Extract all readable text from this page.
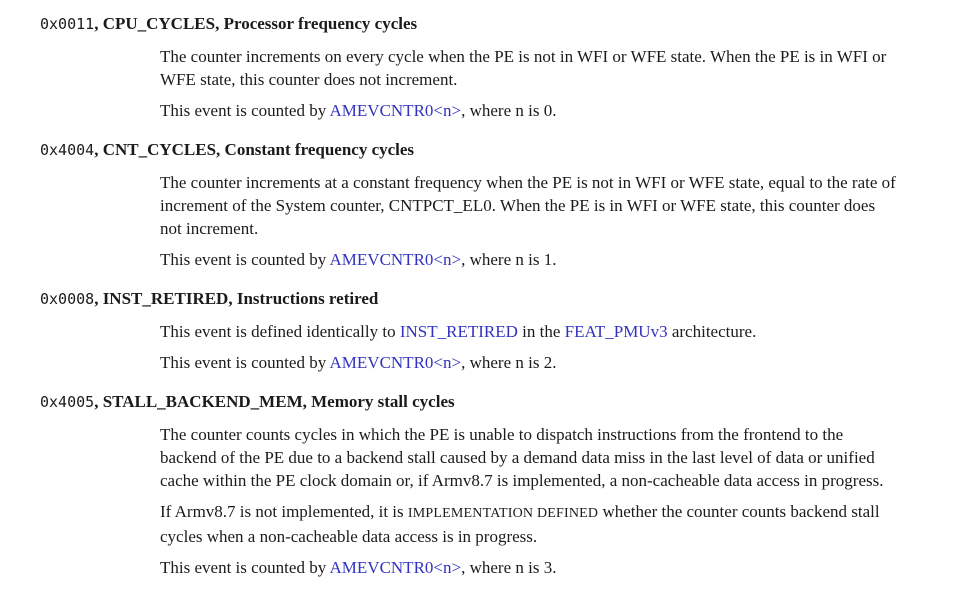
0x0011, CPU_CYCLES, Processor frequency cycles

The counter increments on every cycle when the PE is not in WFI or WFE state. When the PE is in WFI or WFE state, this counter does not increment.

This event is counted by AMEVCNTR0<n>, where n is 0.

0x4004, CNT_CYCLES, Constant frequency cycles

The counter increments at a constant frequency when the PE is not in WFI or WFE state, equal to the rate of increment of the System counter, CNTPCT_EL0. When the PE is in WFI or WFE state, this counter does not increment.

This event is counted by AMEVCNTR0<n>, where n is 1.

0x0008, INST_RETIRED, Instructions retired

This event is defined identically to INST_RETIRED in the FEAT_PMUv3 architecture.

This event is counted by AMEVCNTR0<n>, where n is 2.

0x4005, STALL_BACKEND_MEM, Memory stall cycles

The counter counts cycles in which the PE is unable to dispatch instructions from the frontend to the backend of the PE due to a backend stall caused by a demand data miss in the last level of data or unified cache within the PE clock domain or, if Armv8.7 is implemented, a non-cacheable data access in progress.

If Armv8.7 is not implemented, it is IMPLEMENTATION DEFINED whether the counter counts backend stall cycles when a non-cacheable data access is in progress.

This event is counted by AMEVCNTR0<n>, where n is 3.
